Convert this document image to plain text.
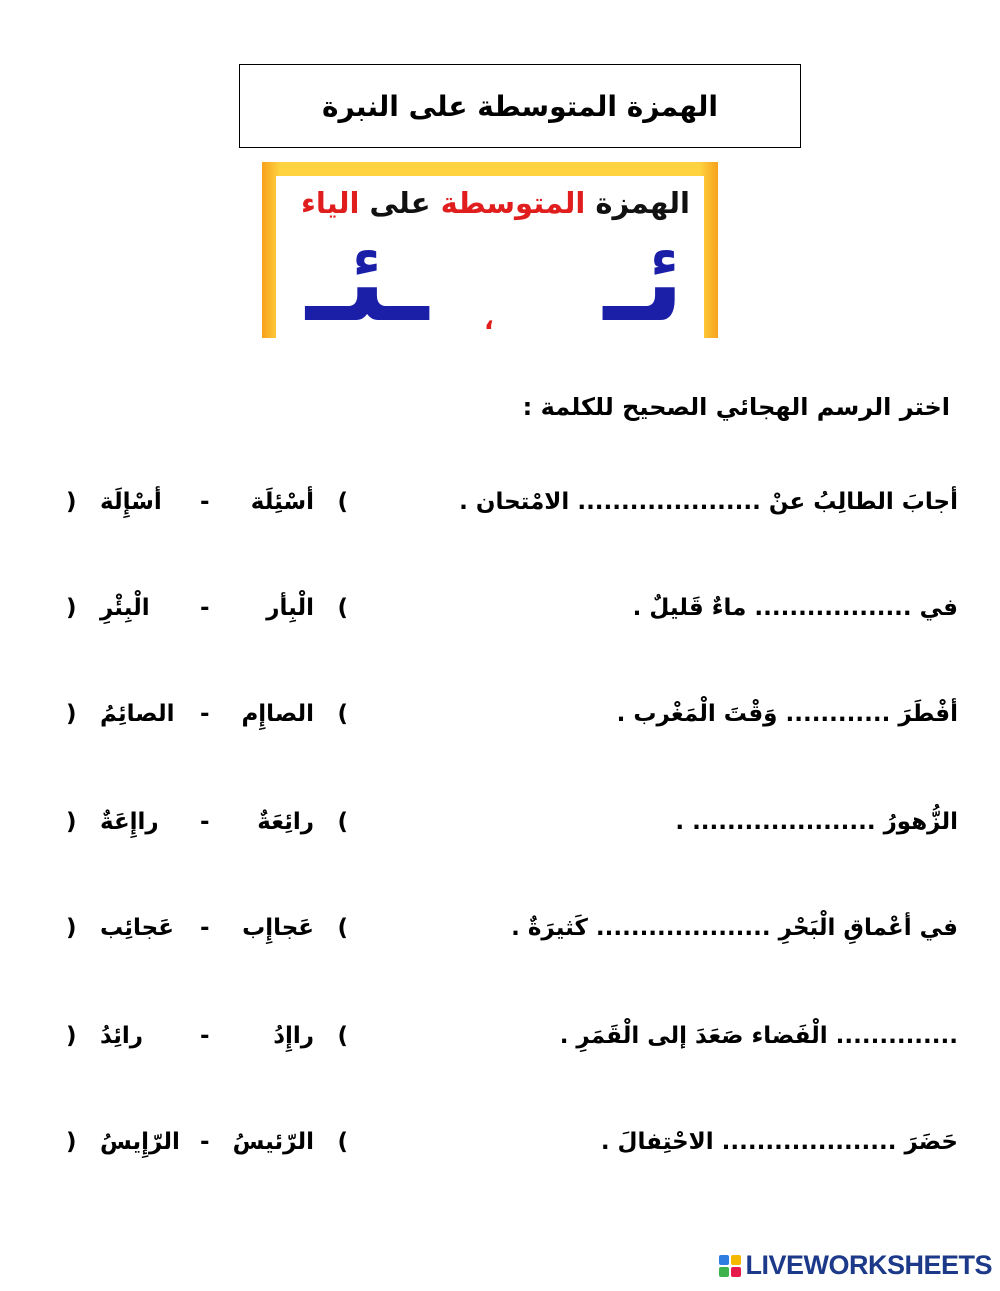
الهمزة المتوسطة على النبرة
الهمزة المتوسطة على الياء
ئـ
،
ـئـ
اختر الرسم الهجائي الصحيح للكلمة :
أجابَ الطالِبُ عنْ ..................... الامْتحان .
(
أسْئِلَة
-
أسْإِلَة
)
في .................. ماءٌ قَليلٌ .
(
الْبِأر
-
الْبِئْرِ
)
أفْطَرَ ............ وَقْتَ الْمَغْرب .
(
الصاإِم
-
الصائِمُ
)
الزُّهورُ ..................... .
(
رائِعَةٌ
-
راإِعَةٌ
)
في أعْماقِ الْبَحْرِ .................... كَثيرَةٌ .
(
عَجاإِب
-
عَجائِب
)
.............. الْفَضاء صَعَدَ إلى الْقَمَرِ .
(
راإِدُ
-
رائِدُ
)
حَضَرَ .................... الاحْتِفالَ .
(
الرّئيسُ
-
الرّإِيسُ
)
LIVEWORKSHEETS
